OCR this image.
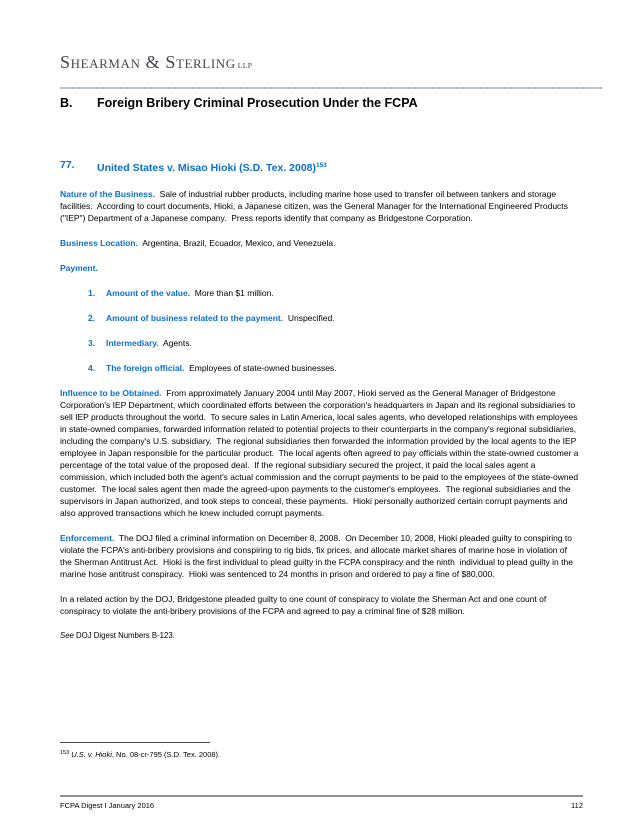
Shearman & Sterling LLP
B.	Foreign Bribery Criminal Prosecution Under the FCPA
77.	United States v. Misao Hioki (S.D. Tex. 2008)$^{153}$
Nature of the Business.  Sale of industrial rubber products, including marine hose used to transfer oil between tankers and storage facilities.  According to court documents, Hioki, a Japanese citizen, was the General Manager for the International Engineered Products ("IEP") Department of a Japanese company.  Press reports identify that company as Bridgestone Corporation.
Business Location.  Argentina, Brazil, Ecuador, Mexico, and Venezuela.
Payment.
1.	Amount of the value.  More than $1 million.
2.	Amount of business related to the payment.  Unspecified.
3.	Intermediary.  Agents.
4.	The foreign official.  Employees of state-owned businesses.
Influence to be Obtained.  From approximately January 2004 until May 2007, Hioki served as the General Manager of Bridgestone Corporation's IEP Department, which coordinated efforts between the corporation's headquarters in Japan and its regional subsidiaries to sell IEP products throughout the world.  To secure sales in Latin America, local sales agents, who developed relationships with employees in state-owned companies, forwarded information related to potential projects to their counterparts in the company's regional subsidiaries, including the company's U.S. subsidiary.  The regional subsidiaries then forwarded the information provided by the local agents to the IEP employee in Japan responsible for the particular product.  The local agents often agreed to pay officials within the state-owned customer a percentage of the total value of the proposed deal.  If the regional subsidiary secured the project, it paid the local sales agent a commission, which included both the agent's actual commission and the corrupt payments to be paid to the employees of the state-owned customer.  The local sales agent then made the agreed-upon payments to the customer's employees.  The regional subsidiaries and the supervisors in Japan authorized, and took steps to conceal, these payments.  Hioki personally authorized certain corrupt payments and also approved transactions which he knew included corrupt payments.
Enforcement.  The DOJ filed a criminal information on December 8, 2008.  On December 10, 2008, Hioki pleaded guilty to conspiring to violate the FCPA's anti-bribery provisions and conspiring to rig bids, fix prices, and allocate market shares of marine hose in violation of the Sherman Antitrust Act.  Hioki is the first individual to plead guilty in the FCPA conspiracy and the ninth  individual to plead guilty in the marine hose antitrust conspiracy.  Hioki was sentenced to 24 months in prison and ordered to pay a fine of $80,000.
In a related action by the DOJ, Bridgestone pleaded guilty to one count of conspiracy to violate the Sherman Act and one count of conspiracy to violate the anti-bribery provisions of the FCPA and agreed to pay a criminal fine of $28 million.
See DOJ Digest Numbers B-123.
$^{153}$ U.S. v. Hioki, No. 08-cr-795 (S.D. Tex. 2008).
FCPA Digest I January 2016	112
